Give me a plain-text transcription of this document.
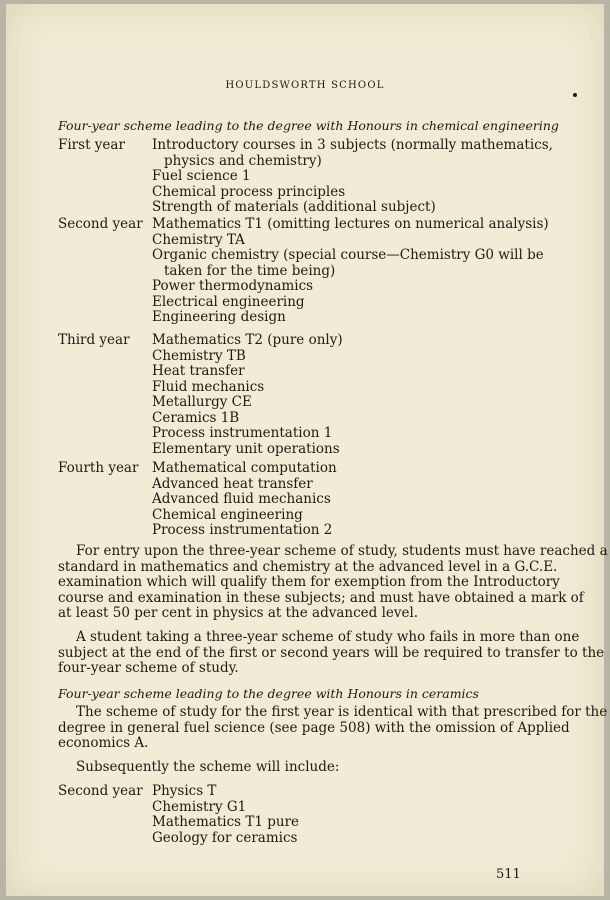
HOULDSWORTH SCHOOL
Four-year scheme leading to the degree with Honours in chemical engineering
First year Introductory courses in 3 subjects (normally mathematics,
physics and chemistry)
Fuel science 1
Chemical process principles
Strength of materials (additional subject)
Second year Mathematics T1 (omitting lectures on numerical analysis)
Chemistry TA
Organic chemistry (special course—Chemistry G0 will be
taken for the time being)
Power thermodynamics
Electrical engineering
Engineering design
Third year Mathematics T2 (pure only)
Chemistry TB
Heat transfer
Fluid mechanics
Metallurgy CE
Ceramics 1B
Process instrumentation 1
Elementary unit operations
Fourth year Mathematical computation
Advanced heat transfer
Advanced fluid mechanics
Chemical engineering
Process instrumentation 2
For entry upon the three-year scheme of study, students must have reached a
standard in mathematics and chemistry at the advanced level in a G.C.E.
examination which will qualify them for exemption from the Introductory
course and examination in these subjects; and must have obtained a mark of
at least 50 per cent in physics at the advanced level.
A student taking a three-year scheme of study who fails in more than one
subject at the end of the first or second years will be required to transfer to the
four-year scheme of study.
Four-year scheme leading to the degree with Honours in ceramics
The scheme of study for the first year is identical with that prescribed for the
degree in general fuel science (see page 508) with the omission of Applied
economics A.
Subsequently the scheme will include:
Second year Physics T
Chemistry G1
Mathematics T1 pure
Geology for ceramics
511
